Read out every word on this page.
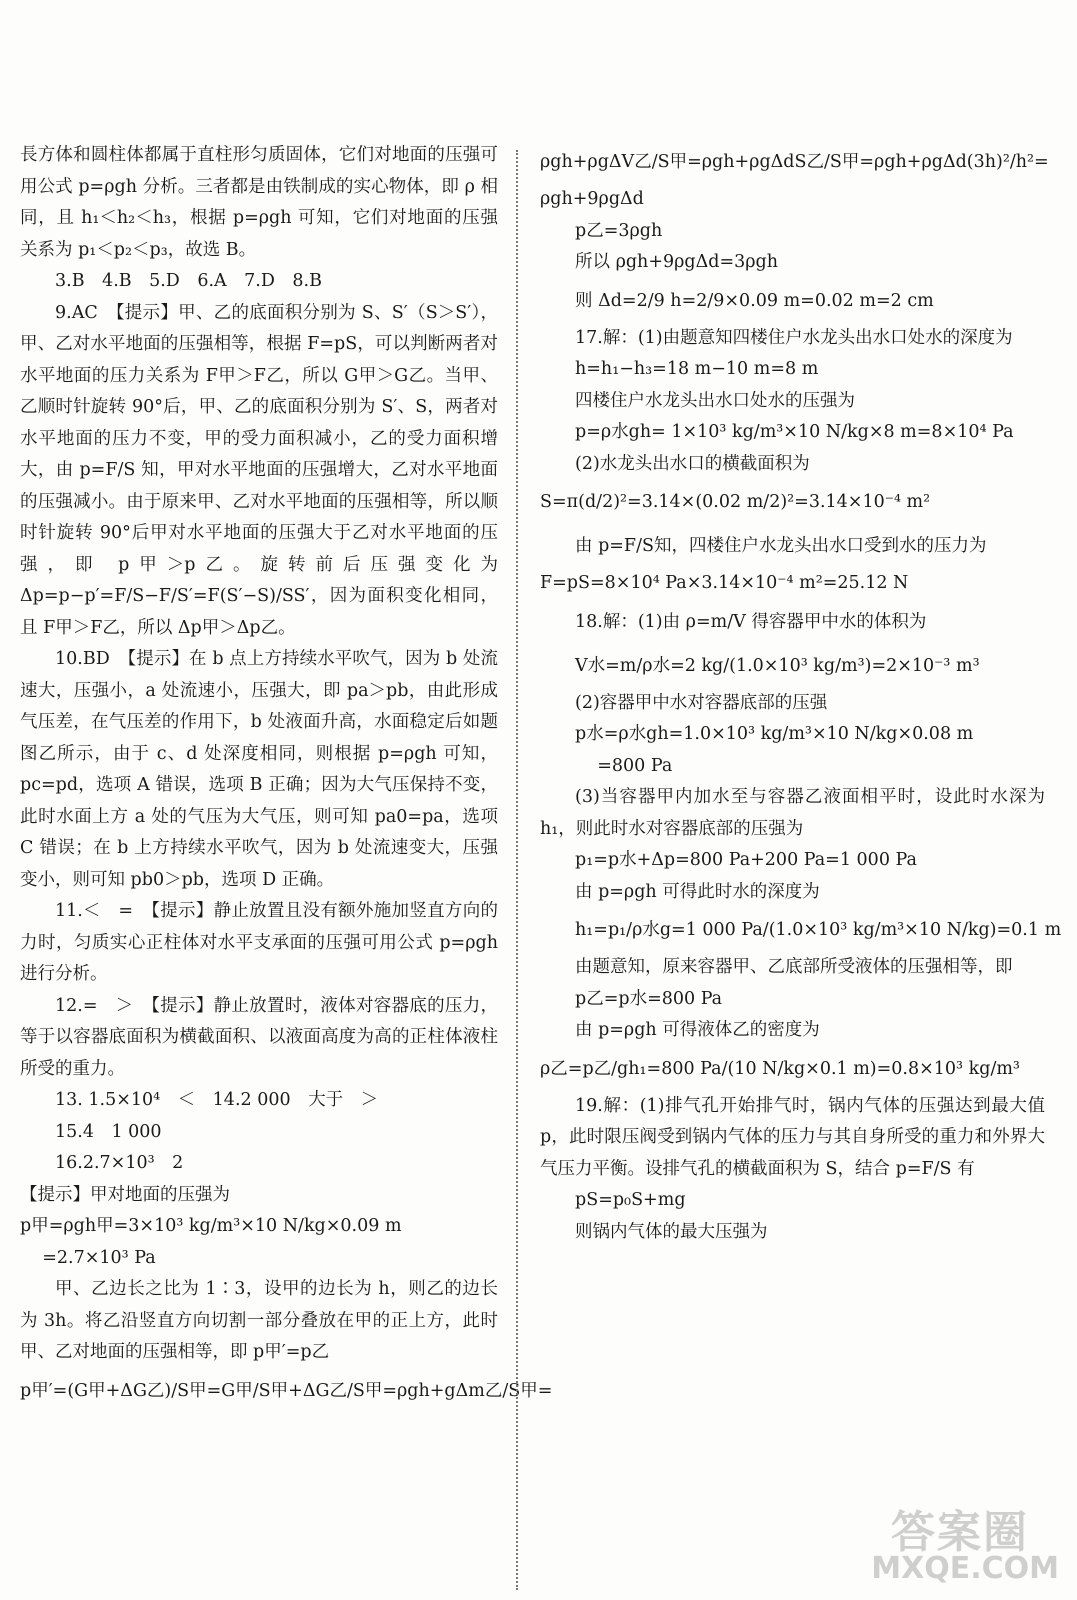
長方体和圆柱体都属于直柱形匀质固体，它们对地面的压强可用公式 p=ρgh 分析。三者都是由铁制成的实心物体，即 ρ 相同，且 h₁＜h₂＜h₃，根据 p=ρgh 可知，它们对地面的压强关系为 p₁＜p₂＜p₃，故选 B。
3.B　4.B　5.D　6.A　7.D　8.B
9.AC　【提示】甲、乙的底面积分别为 S、S′（S＞S′），甲、乙对水平地面的压强相等，根据 F=pS，可以判断两者对水平地面的压力关系为 F甲＞F乙，所以 G甲＞G乙。当甲、乙顺时针旋转 90°后，甲、乙的底面积分别为 S′、S，两者对水平地面的压力不变，甲的受力面积减小，乙的受力面积增大，由 p=F/S 知，甲对水平地面的压强增大，乙对水平地面的压强减小。由于原来甲、乙对水平地面的压强相等，所以顺时针旋转 90°后甲对水平地面的压强大于乙对水平地面的压强，即 p甲＞p乙。旋转前后压强变化为Δp=p−p′=F/S−F/S′=F(S′−S)/SS′，因为面积变化相同，且 F甲＞F乙，所以 Δp甲＞Δp乙。
10.BD　【提示】在 b 点上方持续水平吹气，因为 b 处流速大，压强小，a 处流速小，压强大，即 pa＞pb，由此形成气压差，在气压差的作用下，b 处液面升高，水面稳定后如题图乙所示，由于 c、d 处深度相同，则根据 p=ρgh 可知，pc=pd，选项 A 错误，选项 B 正确；因为大气压保持不变，此时水面上方 a 处的气压为大气压，则可知 pa0=pa，选项 C 错误；在 b 上方持续水平吹气，因为 b 处流速变大，压强变小，则可知 pb0＞pb，选项 D 正确。
11.＜　=　【提示】静止放置且没有额外施加竖直方向的力时，匀质实心正柱体对水平支承面的压强可用公式 p=ρgh 进行分析。
12.=　＞　【提示】静止放置时，液体对容器底的压力，等于以容器底面积为横截面积、以液面高度为高的正柱体液柱所受的重力。
13. 1.5×10⁴　＜　14.2 000　大于　＞
15.4　1 000
16.2.7×10³　2
【提示】甲对地面的压强为
p甲=ρgh甲=3×10³ kg/m³×10 N/kg×0.09 m
=2.7×10³ Pa
甲、乙边长之比为 1∶3，设甲的边长为 h，则乙的边长为 3h。将乙沿竖直方向切割一部分叠放在甲的正上方，此时甲、乙对地面的压强相等，即 p甲′=p乙
p甲′=(G甲+ΔG乙)/S甲=G甲/S甲+ΔG乙/S甲=ρgh+gΔm乙/S甲=
ρgh+ρgΔV乙/S甲=ρgh+ρgΔdS乙/S甲=ρgh+ρgΔd(3h)²/h²=
ρgh+9ρgΔd
p乙=3ρgh
所以 ρgh+9ρgΔd=3ρgh
则 Δd=2/9 h=2/9×0.09 m=0.02 m=2 cm
17.解：(1)由题意知四楼住户水龙头出水口处水的深度为
h=h₁−h₃=18 m−10 m=8 m
四楼住户水龙头出水口处水的压强为
p=ρ水gh= 1×10³ kg/m³×10 N/kg×8 m=8×10⁴ Pa
(2)水龙头出水口的横截面积为
S=π(d/2)²=3.14×(0.02 m/2)²=3.14×10⁻⁴ m²
由 p=F/S知，四楼住户水龙头出水口受到水的压力为
F=pS=8×10⁴ Pa×3.14×10⁻⁴ m²=25.12 N
18.解：(1)由 ρ=m/V 得容器甲中水的体积为
V水=m/ρ水=2 kg/(1.0×10³ kg/m³)=2×10⁻³ m³
(2)容器甲中水对容器底部的压强
p水=ρ水gh=1.0×10³ kg/m³×10 N/kg×0.08 m
=800 Pa
(3)当容器甲内加水至与容器乙液面相平时，设此时水深为 h₁，则此时水对容器底部的压强为
p₁=p水+Δp=800 Pa+200 Pa=1 000 Pa
由 p=ρgh 可得此时水的深度为
h₁=p₁/ρ水g=1 000 Pa/(1.0×10³ kg/m³×10 N/kg)=0.1 m
由题意知，原来容器甲、乙底部所受液体的压强相等，即
p乙=p水=800 Pa
由 p=ρgh 可得液体乙的密度为
ρ乙=p乙/gh₁=800 Pa/(10 N/kg×0.1 m)=0.8×10³ kg/m³
19.解：(1)排气孔开始排气时，锅内气体的压强达到最大值 p，此时限压阀受到锅内气体的压力与其自身所受的重力和外界大气压力平衡。设排气孔的横截面积为 S，结合 p=F/S 有
pS=p₀S+mg
则锅内气体的最大压强为
答案圈
MXQE.COM
